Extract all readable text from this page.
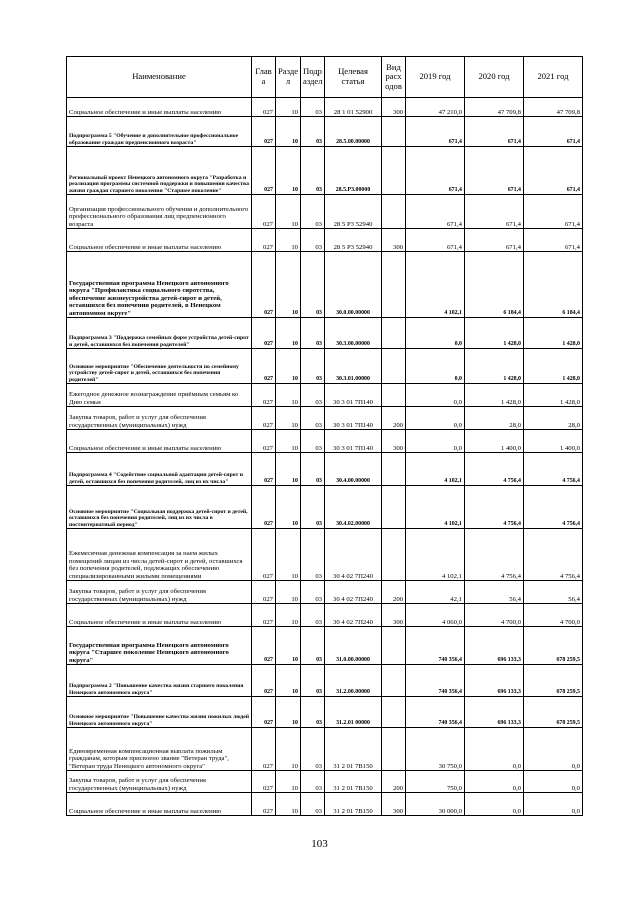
Наименование	Глав а	Разде л	Подр аздел	Целевая статья	Вид расх одов	2019 год	2020 год	2021 год
Социальное обеспечение и иные выплаты населению	027	10	03	28 1 01 52900	300	47 210,0	47 709,8	47 709,8
Подпрограмма 5 "Обучение и дополнительное профессиональное образование граждан предпенсионного возраста"	027	10	03	28.5.00.00000		671,4	671,4	671,4
Региональный проект Ненецкого автономного округа "Разработка и реализация программы системной поддержки и повышения качества жизни граждан старшего поколения "Старшее поколение"	027	10	03	28.5.P3.00000		671,4	671,4	671,4
Организация профессионального обучения и дополнительного профессионального образования лиц предпенсионного возраста	027	10	03	28 5 P3 52940		671,4	671,4	671,4
Социальное обеспечение и иные выплаты населению	027	10	03	28 5 P3 52940	300	671,4	671,4	671,4
Государственная программа Ненецкого автономного округа "Профилактика социального сиротства, обеспечение жизнеустройства детей-сирот и детей, оставшихся без попечения родителей, в Ненецком автономном округе"	027	10	03	30.0.00.00000		4 102,1	6 184,4	6 184,4
Подпрограмма 3 "Поддержка семейных форм устройства детей-сирот и детей, оставшихся без попечения родителей"	027	10	03	30.3.00.00000		0,0	1 428,0	1 428,0
Основное мероприятие "Обеспечение деятельности по семейному устройству детей-сирот и детей, оставшихся без попечения родителей"	027	10	03	30.3.01.00000		0,0	1 428,0	1 428,0
Ежегодное денежное вознаграждение приёмным семьям ко Дню семьи	027	10	03	30 3 01 7П140		0,0	1 428,0	1 428,0
Закупка товаров, работ и услуг для обеспечения государственных (муниципальных) нужд	027	10	03	30 3 01 7П140	200	0,0	28,0	28,0
Социальное обеспечение и иные выплаты населению	027	10	03	30 3 01 7П140	300	0,0	1 400,0	1 400,0
Подпрограмма 4 "Содействие социальной адаптации детей-сирот и детей, оставшихся без попечения родителей, лиц из их числа"	027	10	03	30.4.00.00000		4 102,1	4 756,4	4 756,4
Основное мероприятие "Социальная поддержка детей-сирот и детей, оставшихся без попечения родителей, лиц из их числа в постинтернатный период"	027	10	03	30.4.02.00000		4 102,1	4 756,4	4 756,4
Ежемесячная денежная компенсация за наем жилых помещений лицам из числа детей-сирот и детей, оставшихся без попечения родителей, подлежащих обеспечению специализированными жилыми помещениями	027	10	03	30 4 02 7П240		4 102,1	4 756,4	4 756,4
Закупка товаров, работ и услуг для обеспечения государственных (муниципальных) нужд	027	10	03	30 4 02 7П240	200	42,1	56,4	56,4
Социальное обеспечение и иные выплаты населению	027	10	03	30 4 02 7П240	300	4 060,0	4 700,0	4 700,0
Государственная программа Ненецкого автономного округа "Старшее поколение Ненецкого автономного округа"	027	10	03	31.0.00.00000		740 356,4	696 133,3	678 259,5
Подпрограмма 2 "Повышение качества жизни старшего поколения Ненецкого автономного округа"	027	10	03	31.2.00.00000		740 356,4	696 133,3	678 259,5
Основное мероприятие "Повышение качества жизни пожилых людей Ненецкого автономного округа"	027	10	03	31.2.01 00000		740 356,4	696 133,3	678 259,5
Единовременная компенсационная выплата пожилым гражданам, которым присвоено звание "Ветеран труда", "Ветеран труда Ненецкого автономного округа"	027	10	03	31 2 01 7В150		30 750,0	0,0	0,0
Закупка товаров, работ и услуг для обеспечения государственных (муниципальных) нужд	027	10	03	31 2 01 7В150	200	750,0	0,0	0,0
Социальное обеспечение и иные выплаты населению	027	10	03	31 2 01 7В150	300	30 000,0	0,0	0,0
103
